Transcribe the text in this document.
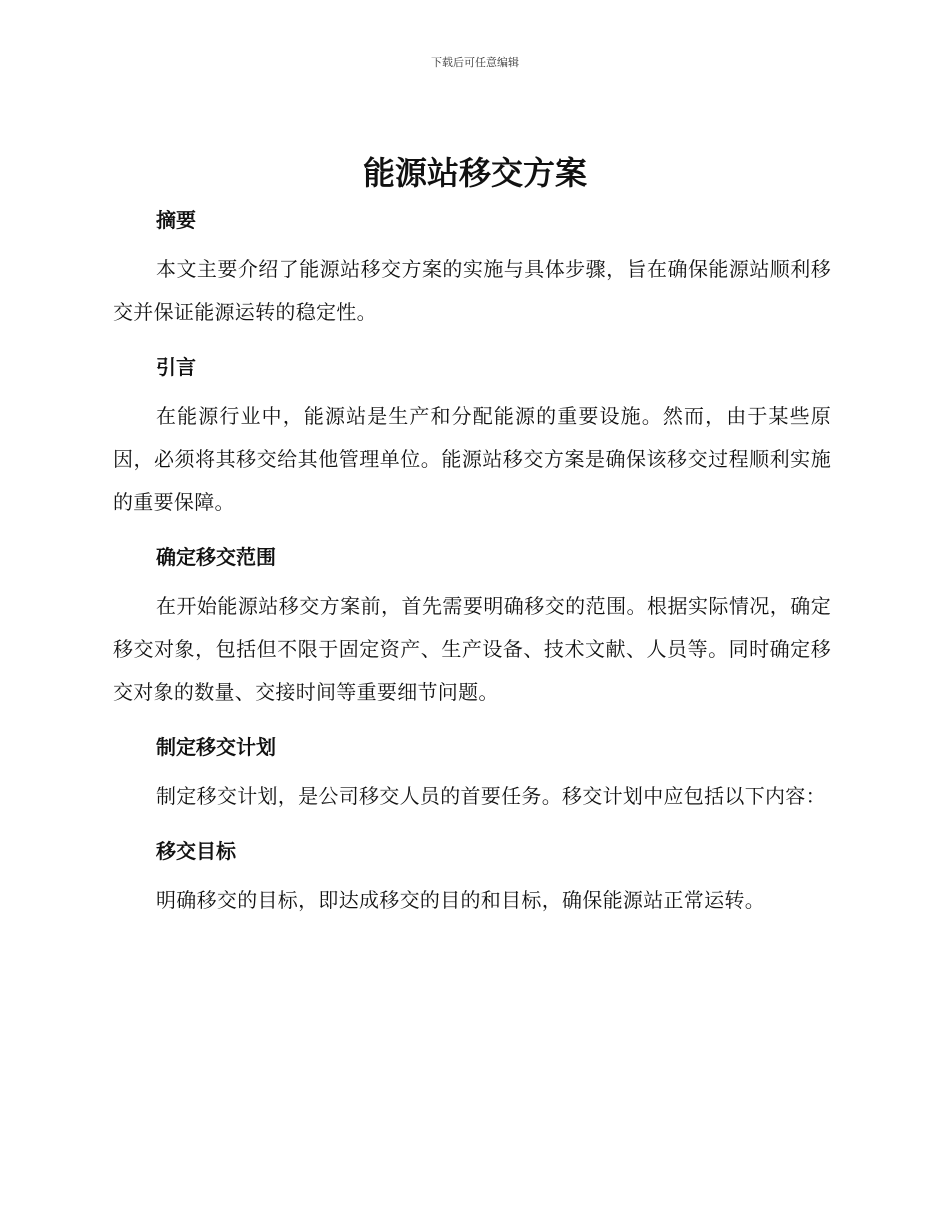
下载后可任意编辑
能源站移交方案
摘要

本文主要介绍了能源站移交方案的实施与具体步骤，旨在确保能源站顺利移交并保证能源运转的稳定性。

引言

在能源行业中，能源站是生产和分配能源的重要设施。然而，由于某些原因，必须将其移交给其他管理单位。能源站移交方案是确保该移交过程顺利实施的重要保障。

确定移交范围

在开始能源站移交方案前，首先需要明确移交的范围。根据实际情况，确定移交对象，包括但不限于固定资产、生产设备、技术文献、人员等。同时确定移交对象的数量、交接时间等重要细节问题。

制定移交计划

制定移交计划，是公司移交人员的首要任务。移交计划中应包括以下内容：

移交目标

明确移交的目标，即达成移交的目的和目标，确保能源站正常运转。
